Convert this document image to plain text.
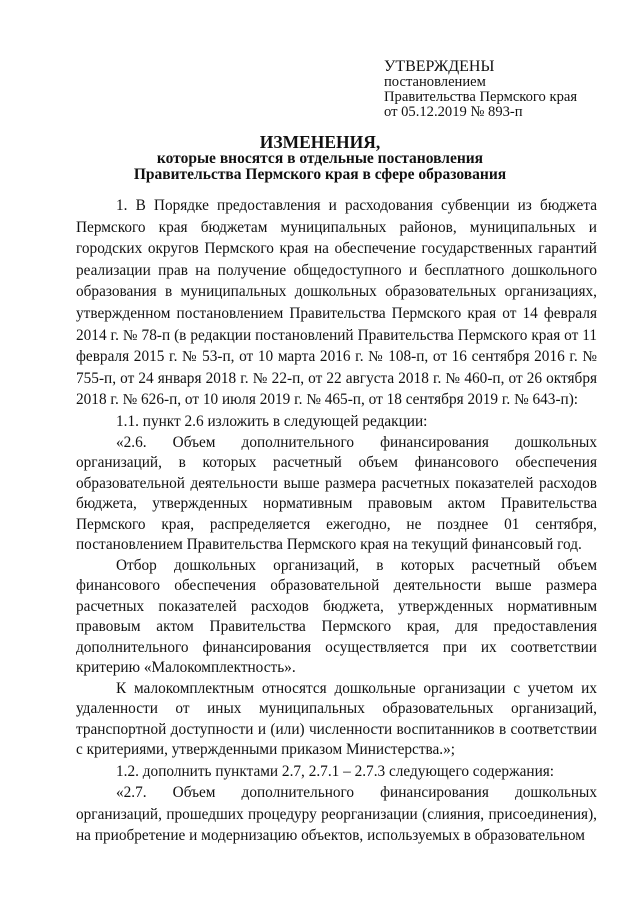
УТВЕРЖДЕНЫ
постановлением
Правительства Пермского края
от 05.12.2019 № 893-п
ИЗМЕНЕНИЯ,
которые вносятся в отдельные постановления
Правительства Пермского края в сфере образования

1. В Порядке предоставления и расходования субвенции из бюджета Пермского края бюджетам муниципальных районов, муниципальных и городских округов Пермского края на обеспечение государственных гарантий реализации прав на получение общедоступного и бесплатного дошкольного образования в муниципальных дошкольных образовательных организациях, утвержденном постановлением Правительства Пермского края от 14 февраля 2014 г. № 78-п (в редакции постановлений Правительства Пермского края от 11 февраля 2015 г. № 53-п, от 10 марта 2016 г. № 108-п, от 16 сентября 2016 г. № 755-п, от 24 января 2018 г. № 22-п, от 22 августа 2018 г. № 460-п, от 26 октября 2018 г. № 626-п, от 10 июля 2019 г. № 465-п, от 18 сентября 2019 г. № 643-п):

1.1. пункт 2.6 изложить в следующей редакции:

«2.6. Объем дополнительного финансирования дошкольных организаций, в которых расчетный объем финансового обеспечения образовательной деятельности выше размера расчетных показателей расходов бюджета, утвержденных нормативным правовым актом Правительства Пермского края, распределяется ежегодно, не позднее 01 сентября, постановлением Правительства Пермского края на текущий финансовый год.

Отбор дошкольных организаций, в которых расчетный объем финансового обеспечения образовательной деятельности выше размера расчетных показателей расходов бюджета, утвержденных нормативным правовым актом Правительства Пермского края, для предоставления дополнительного финансирования осуществляется при их соответствии критерию «Малокомплектность».

К малокомплектным относятся дошкольные организации с учетом их удаленности от иных муниципальных образовательных организаций, транспортной доступности и (или) численности воспитанников в соответствии с критериями, утвержденными приказом Министерства.»;

1.2. дополнить пунктами 2.7, 2.7.1 – 2.7.3 следующего содержания:

«2.7. Объем дополнительного финансирования дошкольных организаций, прошедших процедуру реорганизации (слияния, присоединения), на приобретение и модернизацию объектов, используемых в образовательном
